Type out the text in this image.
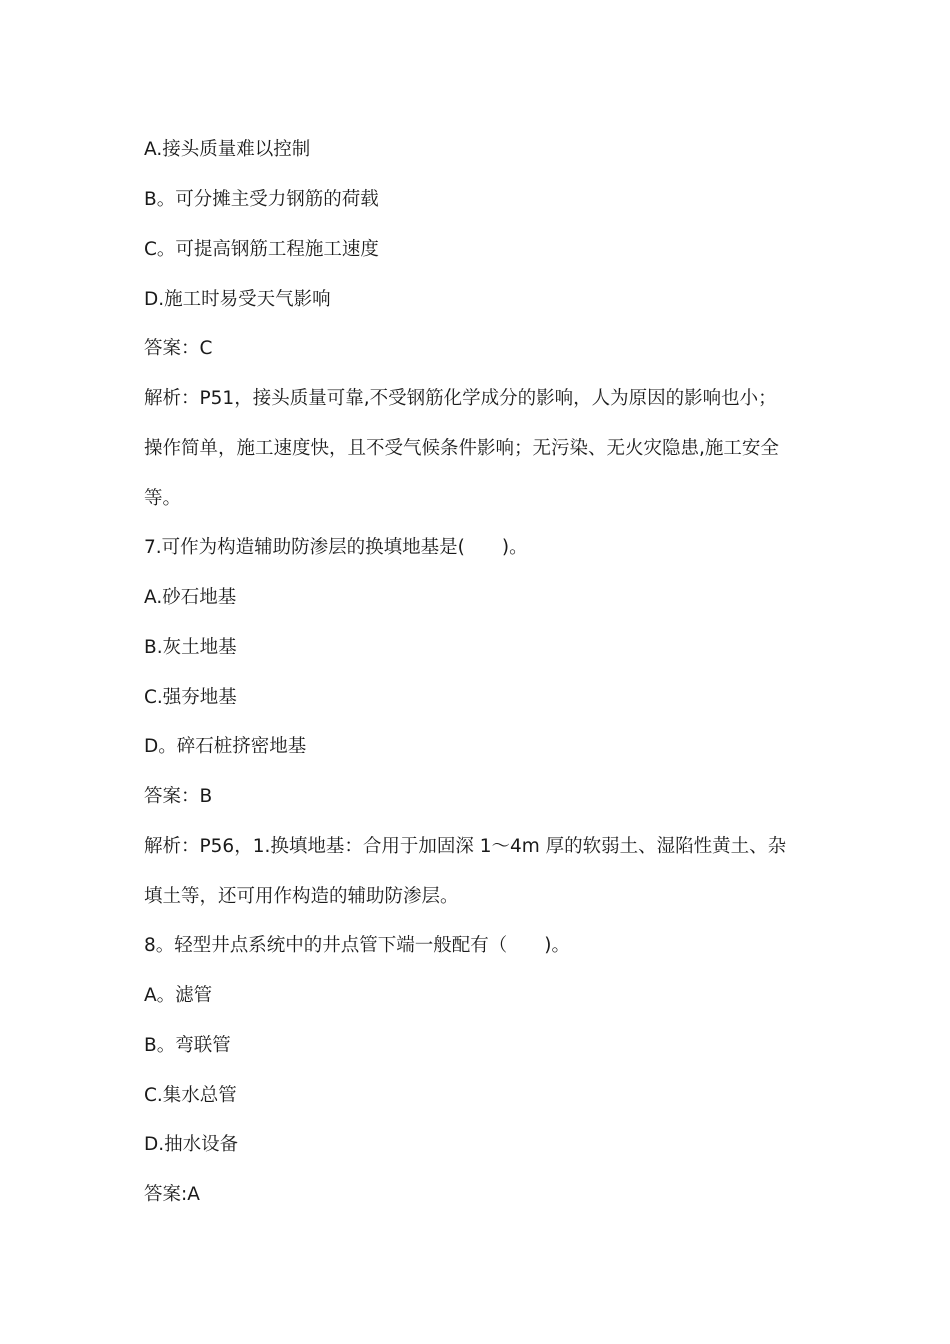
A.接头质量难以控制
B。可分摊主受力钢筋的荷载
C。可提高钢筋工程施工速度
D.施工时易受天气影响
答案：C
解析：P51，接头质量可靠,不受钢筋化学成分的影响，人为原因的影响也小；
操作简单，施工速度快，且不受气候条件影响；无污染、无火灾隐患,施工安全
等。
7.可作为构造辅助防渗层的换填地基是(　　)。
A.砂石地基
B.灰土地基
C.强夯地基
D。碎石桩挤密地基
答案：B
解析：P56，1.换填地基：合用于加固深 1～4m 厚的软弱土、湿陷性黄土、杂
填土等，还可用作构造的辅助防渗层。
8。轻型井点系统中的井点管下端一般配有（　　)。
A。滤管
B。弯联管
C.集水总管
D.抽水设备
答案:A
